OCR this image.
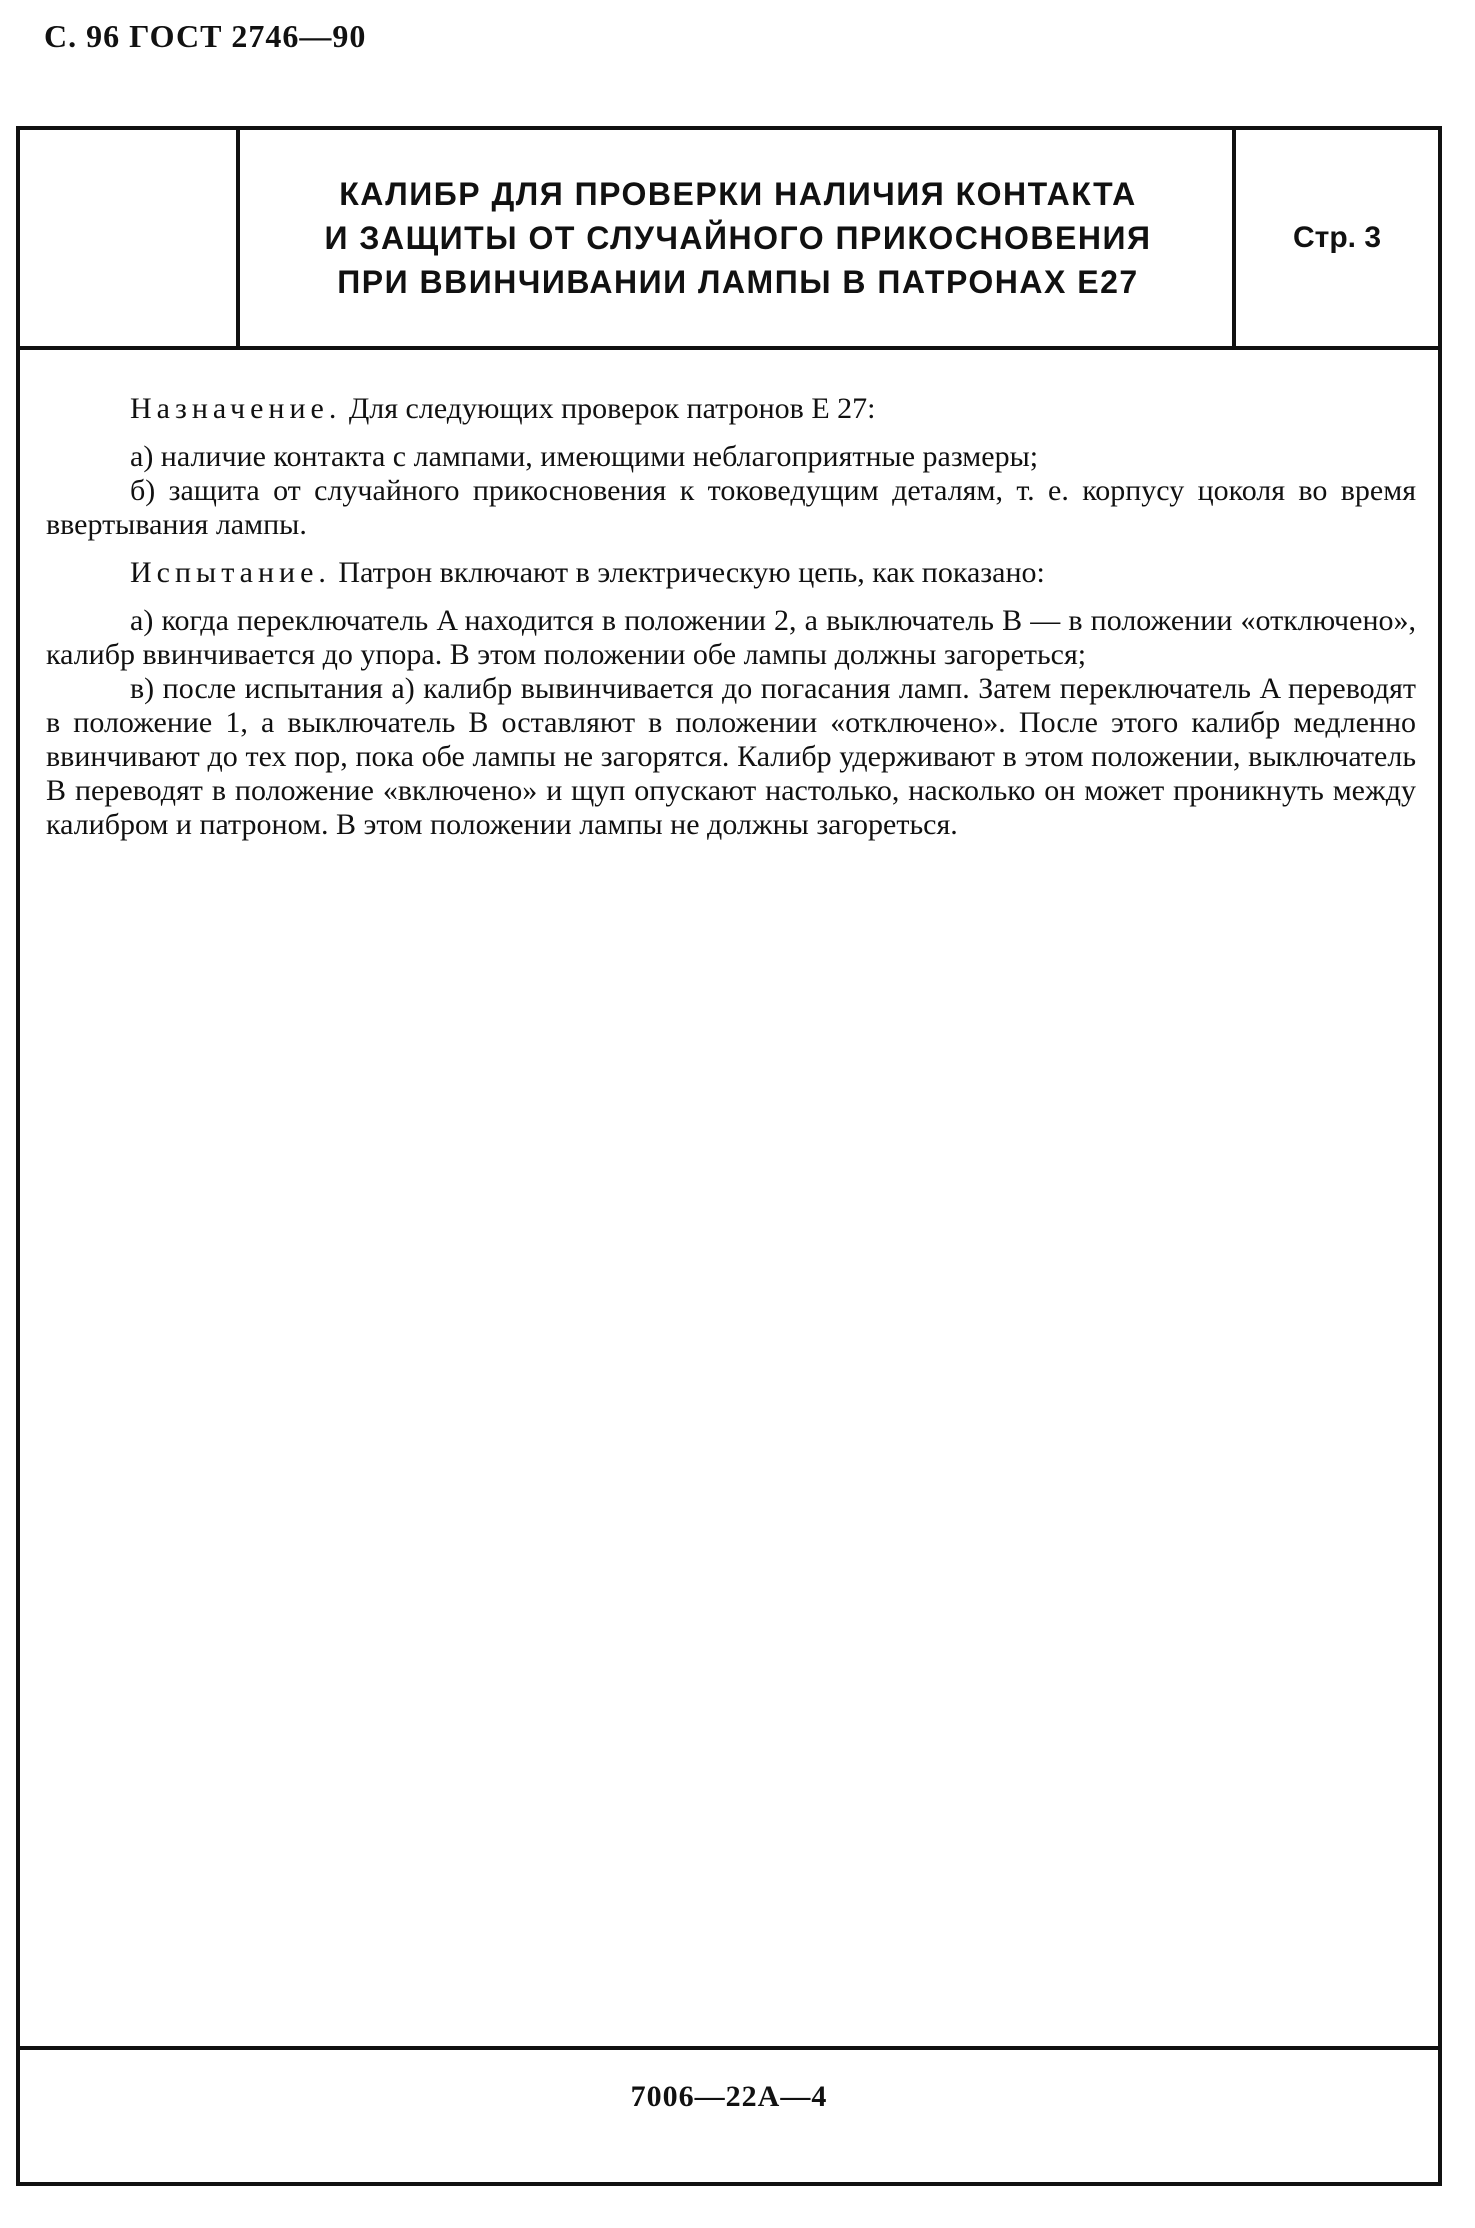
С. 96 ГОСТ 2746—90
КАЛИБР ДЛЯ ПРОВЕРКИ НАЛИЧИЯ КОНТАКТА
И ЗАЩИТЫ ОТ СЛУЧАЙНОГО ПРИКОСНОВЕНИЯ
ПРИ ВВИНЧИВАНИИ ЛАМПЫ В ПАТРОНАХ Е27
Стр. 3

Назначение. Для следующих проверок патронов Е 27:

а) наличие контакта с лампами, имеющими неблагоприятные размеры;

б) защита от случайного прикосновения к токоведущим деталям, т. е. корпусу цоколя во время ввертывания лампы.

Испытание. Патрон включают в электрическую цепь, как показано:

а) когда переключатель A находится в положении 2, а выключатель B — в положении «отключено», калибр ввинчивается до упора. В этом положении обе лампы должны загореться;

в) после испытания а) калибр вывинчивается до погасания ламп. Затем переключатель A переводят в положение 1, а выключатель B оставляют в положении «отключено». После этого калибр медленно ввинчивают до тех пор, пока обе лампы не загорятся. Калибр удерживают в этом положении, выключатель B переводят в положение «включено» и щуп опускают настолько, насколько он может проникнуть между калибром и патроном. В этом положении лампы не должны загореться.

7006—22А—4
